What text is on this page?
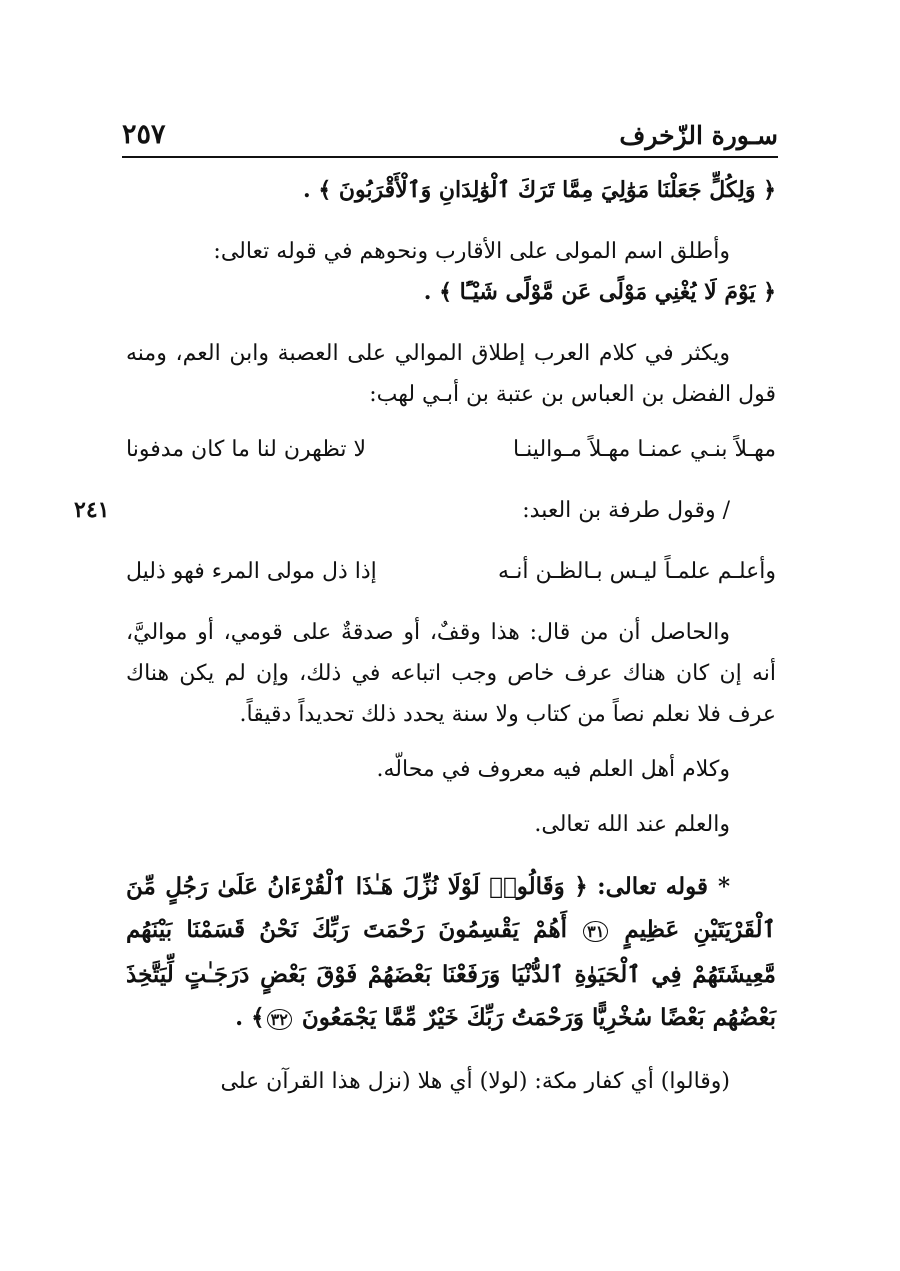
سـورة الزّخرف
٢٥٧
٢٤١

﴿ وَلِكُلٍّ جَعَلْنَا مَوَٰلِيَ مِمَّا تَرَكَ ٱلْوَٰلِدَانِ وَٱلْأَقْرَبُونَ ﴾ .

وأطلق اسم المولى على الأقارب ونحوهم في قوله تعالى:

﴿ يَوْمَ لَا يُغْنِي مَوْلًى عَن مَّوْلًى شَيْـًٔا ﴾ .

ويكثر في كلام العرب إطلاق الموالي على العصبة وابن العم، ومنه قول الفضل بن العباس بن عتبة بن أبـي لهب:

مهـلاً بنـي عمنـا مهـلاً مـوالينـا
لا تظهرن لنا ما كان مدفونا

/ وقول طرفة بن العبد:

وأعلـم علمـاً ليـس بـالظـن أنـه
إذا ذل مولى المرء فهو ذليل

والحاصل أن من قال: هذا وقفٌ، أو صدقةٌ على قومي، أو مواليَّ، أنه إن كان هناك عرف خاص وجب اتباعه في ذلك، وإن لم يكن هناك عرف فلا نعلم نصاً من كتاب ولا سنة يحدد ذلك تحديداً دقيقاً.

وكلام أهل العلم فيه معروف في محالّه.

والعلم عند الله تعالى.

*قوله تعالى: ﴿ وَقَالُوا۟ لَوْلَا نُزِّلَ هَـٰذَا ٱلْقُرْءَانُ عَلَىٰ رَجُلٍ مِّنَ ٱلْقَرْيَتَيْنِ عَظِيمٍ ٣١ أَهُمْ يَقْسِمُونَ رَحْمَتَ رَبِّكَ نَحْنُ قَسَمْنَا بَيْنَهُم مَّعِيشَتَهُمْ فِي ٱلْحَيَوٰةِ ٱلدُّنْيَا وَرَفَعْنَا بَعْضَهُمْ فَوْقَ بَعْضٍ دَرَجَـٰتٍ لِّيَتَّخِذَ بَعْضُهُم بَعْضًا سُخْرِيًّا وَرَحْمَتُ رَبِّكَ خَيْرٌ مِّمَّا يَجْمَعُونَ ٣٢﴾ .

(وقالوا) أي كفار مكة: (لولا) أي هلا (نزل هذا القرآن على
